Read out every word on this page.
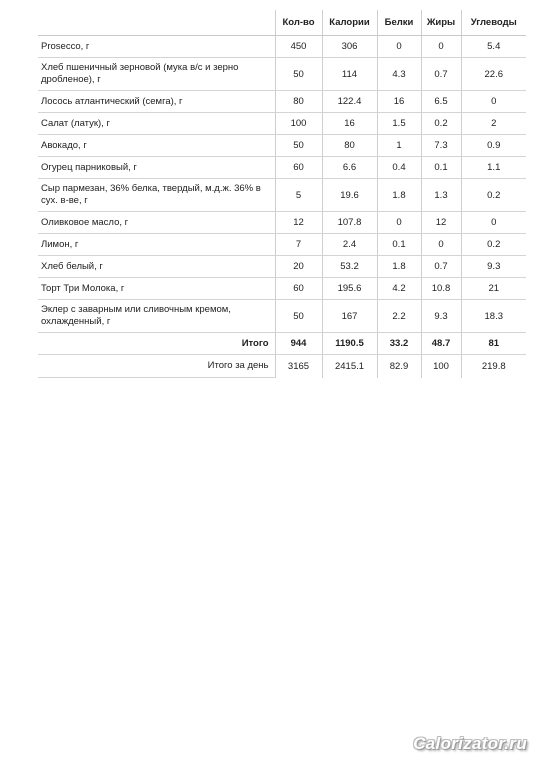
	Кол-во	Калории	Белки	Жиры	Углеводы
Prosecco, г	450	306	0	0	5.4
Хлеб пшеничный зерновой (мука в/с и зерно дробленое), г	50	114	4.3	0.7	22.6
Лосось атлантический (семга), г	80	122.4	16	6.5	0
Салат (латук), г	100	16	1.5	0.2	2
Авокадо, г	50	80	1	7.3	0.9
Огурец парниковый, г	60	6.6	0.4	0.1	1.1
Сыр пармезан, 36% белка, твердый, м.д.ж. 36% в сух. в-ве, г	5	19.6	1.8	1.3	0.2
Оливковое масло, г	12	107.8	0	12	0
Лимон, г	7	2.4	0.1	0	0.2
Хлеб белый, г	20	53.2	1.8	0.7	9.3
Торт Три Молока, г	60	195.6	4.2	10.8	21
Эклер с заварным или сливочным кремом, охлажденный, г	50	167	2.2	9.3	18.3
Итого	944	1190.5	33.2	48.7	81
Итого за день	3165	2415.1	82.9	100	219.8
Calorizator.ru
